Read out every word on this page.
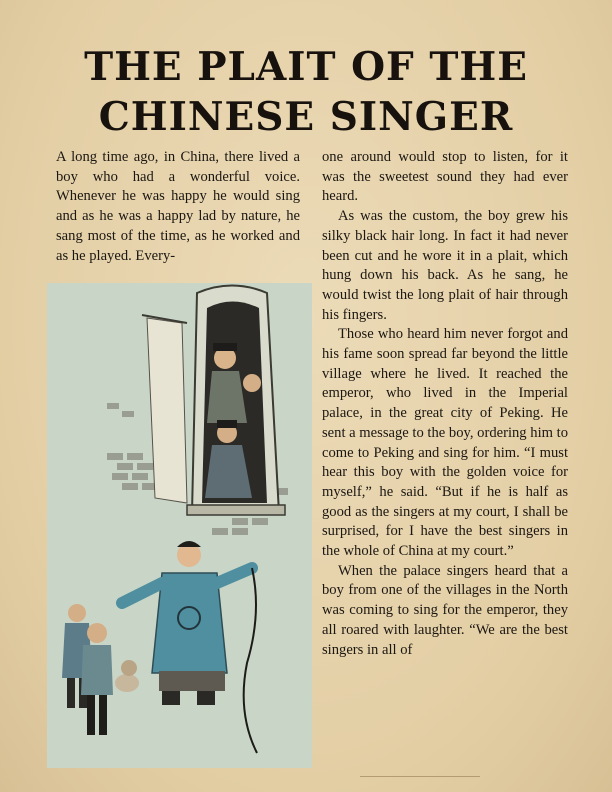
THE PLAIT OF THE
CHINESE SINGER

A long time ago, in China, there lived a boy who had a wonderful voice. Whenever he was happy he would sing and as he was a happy lad by nature, he sang most of the time, as he worked and as he played. Every-

one around would stop to listen, for it was the sweetest sound they had ever heard.

As was the custom, the boy grew his silky black hair long. In fact it had never been cut and he wore it in a plait, which hung down his back. As he sang, he would twist the long plait of hair through his fingers.

Those who heard him never forgot and his fame soon spread far beyond the little village where he lived. It reached the emperor, who lived in the Imperial palace, in the great city of Peking. He sent a message to the boy, ordering him to come to Peking and sing for him. “I must hear this boy with the golden voice for myself,” he said. “But if he is half as good as the singers at my court, I shall be surprised, for I have the best singers in the whole of China at my court.”

When the palace singers heard that a boy from one of the villages in the North was coming to sing for the emperor, they all roared with laughter. “We are the best singers in all of
